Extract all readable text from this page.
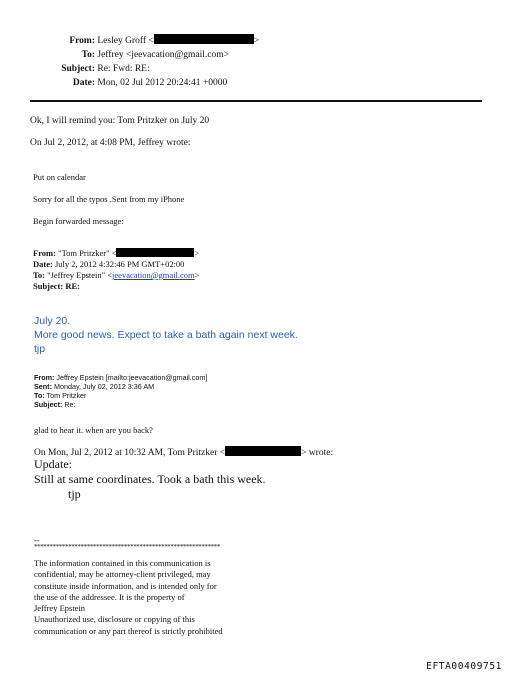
From: Lesley Groff <	>
To: Jeffrey <jeevacation@gmail.com>
Subject: Re: Fwd: RE:
Date: Mon, 02 Jul 2012 20:24:41 +0000
Ok, I will remind you: Tom Pritzker on July 20
On Jul 2, 2012, at 4:08 PM, Jeffrey wrote:
Put on calendar
Sorry for all the typos .Sent from my iPhone
Begin forwarded message:
From: "Tom Pritzker" <	>
Date: July 2, 2012 4:32:46 PM GMT+02:00
To: "Jeffrey Epstein" <jeevacation@gmail.com>
Subject: RE:
July 20.
More good news. Expect to take a bath again next week.
tjp
From: Jeffrey Epstein [mailto:jeevacation@gmail.com]
Sent: Monday, July 02, 2012 3:36 AM
To: Tom Pritzker
Subject: Re:
glad to hear it. when are you back?
On Mon, Jul 2, 2012 at 10:32 AM, Tom Pritzker <	> wrote:
Update:
Still at same coordinates. Took a bath this week.
tjp
--
************************************************************
The information contained in this communication is
confidential, may be attorney-client privileged, may
constitute inside information, and is intended only for
the use of the addressee. It is the property of
Jeffrey Epstein
Unauthorized use, disclosure or copying of this
communication or any part thereof is strictly prohibited
EFTA00409751
